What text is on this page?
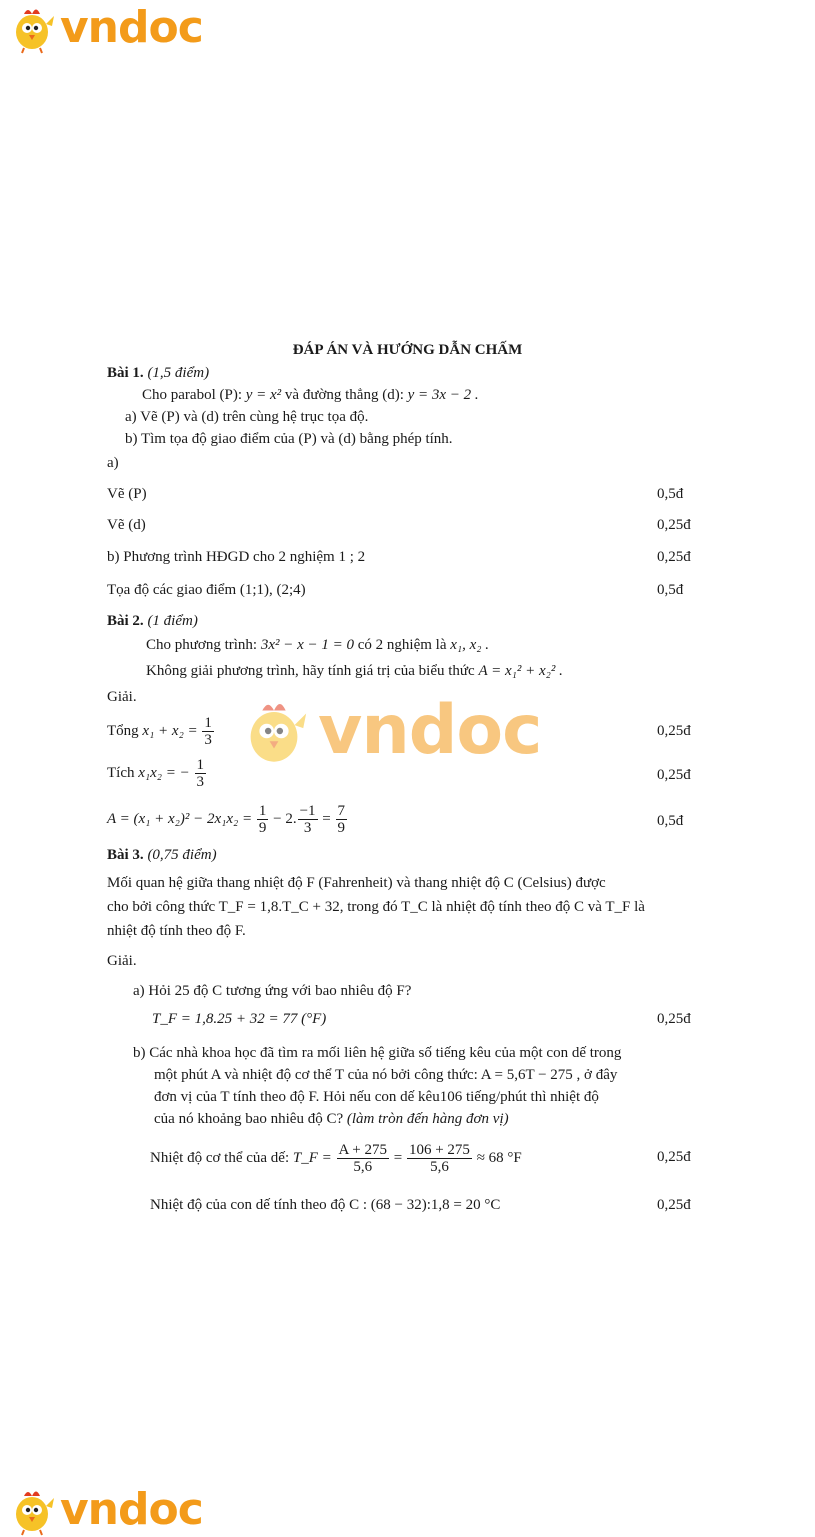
vndoc
ĐÁP ÁN VÀ HƯỚNG DẪN CHẤM
Bài 1. (1,5 điểm)
Cho parabol (P): y = x² và đường thẳng (d): y = 3x − 2 .
a) Vẽ (P) và (d) trên cùng hệ trục tọa độ.
b) Tìm tọa độ giao điểm của (P) và (d) bằng phép tính.
a)
Vẽ (P)	0,5đ
Vẽ (d)	0,25đ
b) Phương trình HĐGD cho 2 nghiệm 1 ; 2	0,25đ
Tọa độ các giao điểm (1;1), (2;4)	0,5đ
Bài 2. (1 điểm)
Cho phương trình: 3x² − x − 1 = 0 có 2 nghiệm là x₁, x₂ .
Không giải phương trình, hãy tính giá trị của biểu thức A = x₁² + x₂² .
Giải.	vndoc
Tổng $x_1 + x_2 = \frac{1}{3}$	0,25đ
Tích x₁x₂ = − $\frac{1}{3}$	0,25đ
$A = (x_1 + x_2)^2 - 2x_1x_2 = \frac{1}{9} - 2$. $\frac{-1}{3} = \frac{7}{9}$	0,5đ
Bài 3. (0,75 điểm)
Mối quan hệ giữa thang nhiệt độ F (Fahrenheit) và thang nhiệt độ C (Celsius) được
cho bởi công thức T_F = 1,8.T_C + 32, trong đó T_C là nhiệt độ tính theo độ C và T_F là
nhiệt độ tính theo độ F.
Giải.
a) Hỏi 25 độ C tương ứng với bao nhiêu độ F?
T_F = 1,8.25 + 32 = 77 (°F)	0,25đ
b) Các nhà khoa học đã tìm ra mối liên hệ giữa số tiếng kêu của một con dế trong
một phút A và nhiệt độ cơ thể T của nó bởi công thức: A = 5,6T − 275 , ở đây
đơn vị của T tính theo độ F. Hỏi nếu con dế kêu106 tiếng/phút thì nhiệt độ
của nó khoảng bao nhiêu độ C? (làm tròn đến hàng đơn vị)
Nhiệt độ cơ thể của dế: T_F = $\frac{A + 275}{5,6} = \frac{106 + 275}{5,6} \approx 68$ °F	0,25đ
Nhiệt độ của con dế tính theo độ C : (68 − 32):1,8 = 20 °C	0,25đ
vndoc
